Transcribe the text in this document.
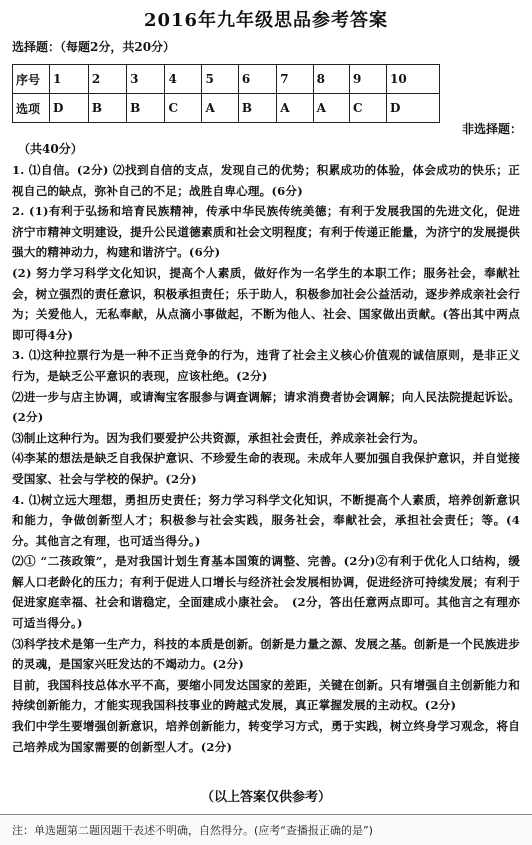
2016年九年级思品参考答案
选择题：（每题2分，共20分）
序号	1	2	3	4	5	6	7	8	9	10
选项	D	B	B	C	A	B	A	A	C	D
非选择题：
（共40分）

1. ⑴自信。(2分) ⑵找到自信的支点，发现自己的优势；积累成功的体验，体会成功的快乐；正视自己的缺点，弥补自己的不足；战胜自卑心理。(6分)

2. (1)有利于弘扬和培育民族精神，传承中华民族传统美德；有利于发展我国的先进文化，促进济宁市精神文明建设，提升公民道德素质和社会文明程度；有利于传递正能量，为济宁的发展提供强大的精神动力，构建和谐济宁。(6分)

(2) 努力学习科学文化知识，提高个人素质，做好作为一名学生的本职工作；服务社会，奉献社会，树立强烈的责任意识，积极承担责任；乐于助人，积极参加社会公益活动，逐步养成亲社会行为；关爱他人，无私奉献，从点滴小事做起，不断为他人、社会、国家做出贡献。(答出其中两点即可得4分)

3. ⑴这种拉票行为是一种不正当竞争的行为，违背了社会主义核心价值观的诚信原则，是非正义行为，是缺乏公平意识的表现，应该杜绝。(2分)

⑵进一步与店主协调，或请淘宝客服参与调查调解；请求消费者协会调解；向人民法院提起诉讼。(2分)

⑶制止这种行为。因为我们要爱护公共资源，承担社会责任，养成亲社会行为。

⑷李某的想法是缺乏自我保护意识、不珍爱生命的表现。未成年人要加强自我保护意识，并自觉接受国家、社会与学校的保护。(2分)

4. ⑴树立远大理想，勇担历史责任；努力学习科学文化知识，不断提高个人素质，培养创新意识和能力，争做创新型人才；积极参与社会实践，服务社会，奉献社会，承担社会责任；等。(4分。其他言之有理，也可适当得分。)

⑵① “二孩政策”，是对我国计划生育基本国策的调整、完善。(2分)②有利于优化人口结构，缓解人口老龄化的压力；有利于促进人口增长与经济社会发展相协调，促进经济可持续发展；有利于促进家庭幸福、社会和谐稳定，全面建成小康社会。　(2分，答出任意两点即可。其他言之有理亦可适当得分。)

⑶科学技术是第一生产力，科技的本质是创新。创新是力量之源、发展之基。创新是一个民族进步的灵魂，是国家兴旺发达的不竭动力。(2分)

目前，我国科技总体水平不高，要缩小同发达国家的差距，关键在创新。只有增强自主创新能力和持续创新能力，才能实现我国科技事业的跨越式发展，真正掌握发展的主动权。(2分)

我们中学生要增强创新意识，培养创新能力，转变学习方式，勇于实践，树立终身学习观念，将自己培养成为国家需要的创新型人才。(2分)

（以上答案仅供参考）
注：单选题第二题因题干表述不明确，自然得分。(应考“查播报正确的是”)
